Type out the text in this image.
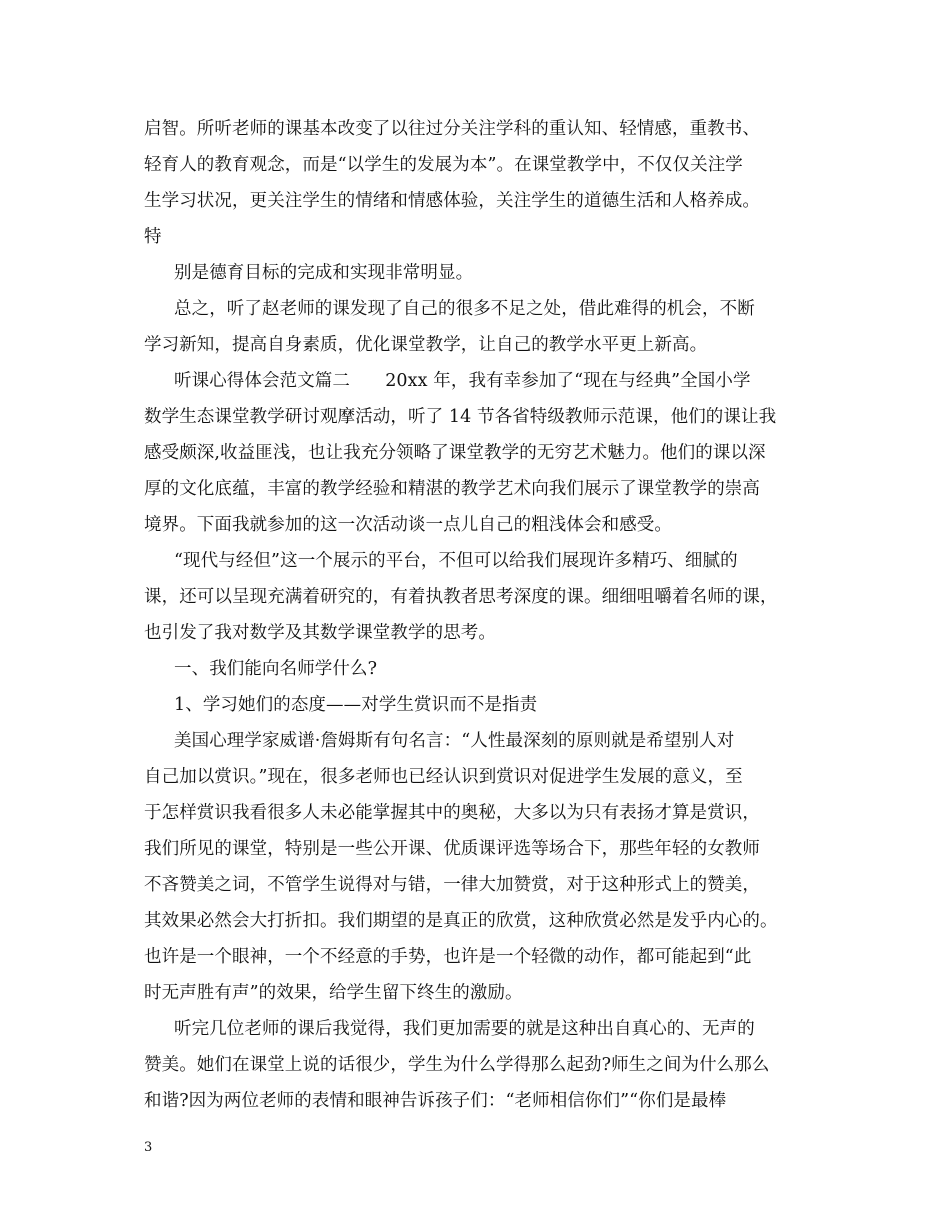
启智。所听老师的课基本改变了以往过分关注学科的重认知、轻情感，重教书、
轻育人的教育观念，而是“以学生的发展为本”。在课堂教学中，不仅仅关注学
生学习状况，更关注学生的情绪和情感体验，关注学生的道德生活和人格养成。
特
别是德育目标的完成和实现非常明显。
总之，听了赵老师的课发现了自己的很多不足之处，借此难得的机会，不断
学习新知，提高自身素质，优化课堂教学，让自己的教学水平更上新高。
听课心得体会范文篇二　　20xx 年，我有幸参加了“现在与经典”全国小学
数学生态课堂教学研讨观摩活动，听了 14 节各省特级教师示范课，他们的课让我
感受颇深,收益匪浅，也让我充分领略了课堂教学的无穷艺术魅力。他们的课以深
厚的文化底蕴，丰富的教学经验和精湛的教学艺术向我们展示了课堂教学的崇高
境界。下面我就参加的这一次活动谈一点儿自己的粗浅体会和感受。
“现代与经但”这一个展示的平台，不但可以给我们展现许多精巧、细腻的
课，还可以呈现充满着研究的，有着执教者思考深度的课。细细咀嚼着名师的课，
也引发了我对数学及其数学课堂教学的思考。
一、我们能向名师学什么?
1、学习她们的态度——对学生赏识而不是指责
美国心理学家威谱·詹姆斯有句名言：“人性最深刻的原则就是希望别人对
自己加以赏识。”现在，很多老师也已经认识到赏识对促进学生发展的意义，至
于怎样赏识我看很多人未必能掌握其中的奥秘，大多以为只有表扬才算是赏识，
我们所见的课堂，特别是一些公开课、优质课评选等场合下，那些年轻的女教师
不吝赞美之词，不管学生说得对与错，一律大加赞赏，对于这种形式上的赞美，
其效果必然会大打折扣。我们期望的是真正的欣赏，这种欣赏必然是发乎内心的。
也许是一个眼神，一个不经意的手势，也许是一个轻微的动作，都可能起到“此
时无声胜有声”的效果，给学生留下终生的激励。
听完几位老师的课后我觉得，我们更加需要的就是这种出自真心的、无声的
赞美。她们在课堂上说的话很少，学生为什么学得那么起劲?师生之间为什么那么
和谐?因为两位老师的表情和眼神告诉孩子们：“老师相信你们”“你们是最棒
3
